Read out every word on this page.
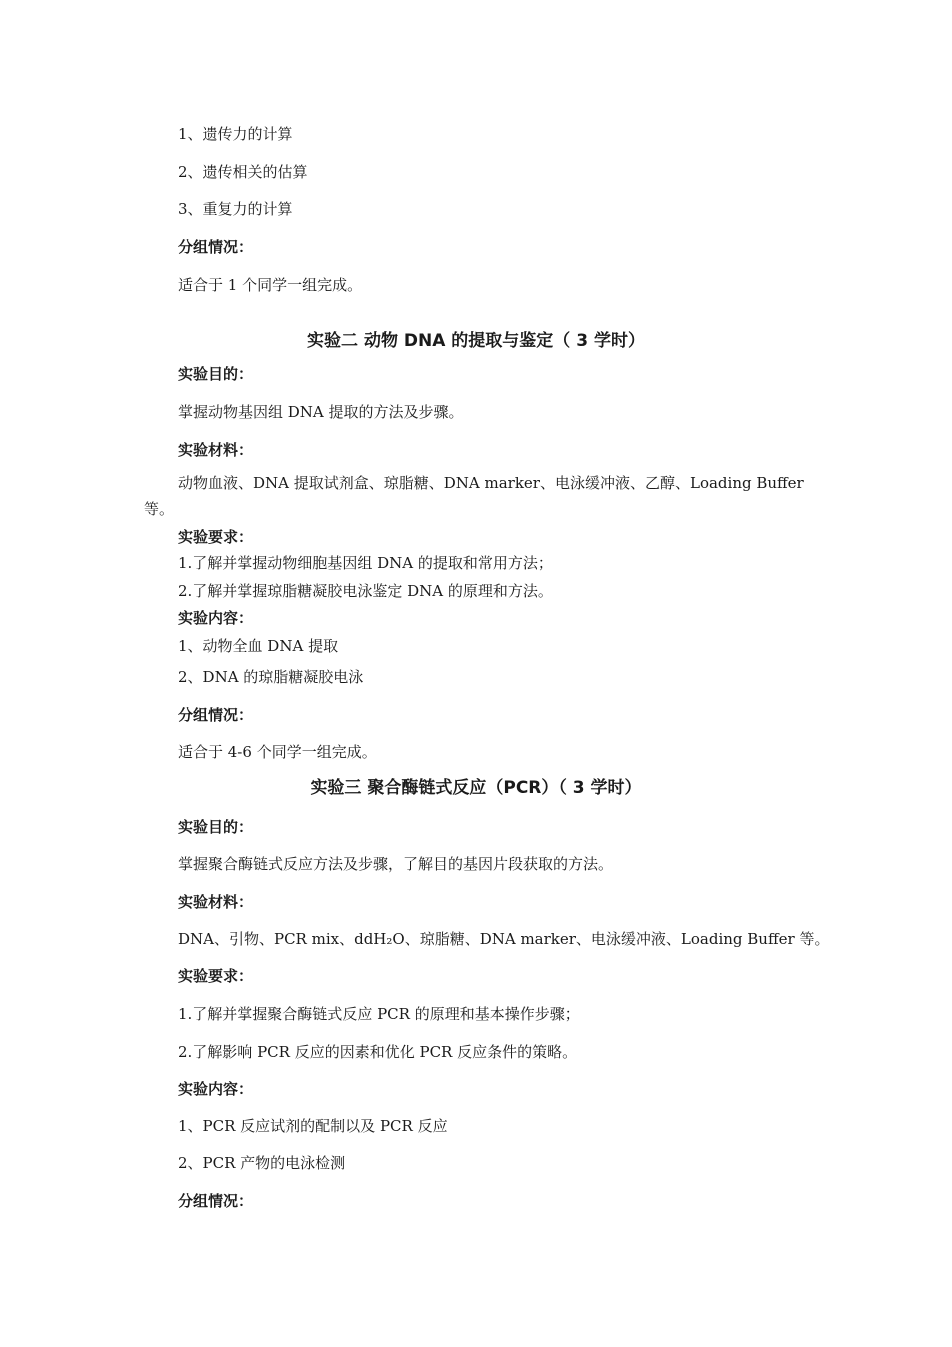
1、遗传力的计算
2、遗传相关的估算
3、重复力的计算
分组情况：
适合于 1 个同学一组完成。
实验二 动物 DNA 的提取与鉴定（ 3 学时）
实验目的：
掌握动物基因组 DNA 提取的方法及步骤。
实验材料：
动物血液、DNA 提取试剂盒、琼脂糖、DNA marker、电泳缓冲液、乙醇、Loading Buffer
等。
实验要求：
1.了解并掌握动物细胞基因组 DNA 的提取和常用方法；
2.了解并掌握琼脂糖凝胶电泳鉴定 DNA 的原理和方法。
实验内容：
1、动物全血 DNA 提取
2、DNA 的琼脂糖凝胶电泳
分组情况：
适合于 4-6 个同学一组完成。
实验三 聚合酶链式反应（PCR）（ 3 学时）
实验目的：
掌握聚合酶链式反应方法及步骤，了解目的基因片段获取的方法。
实验材料：
DNA、引物、PCR mix、ddH₂O、琼脂糖、DNA marker、电泳缓冲液、Loading Buffer 等。
实验要求：
1.了解并掌握聚合酶链式反应 PCR 的原理和基本操作步骤；
2.了解影响 PCR 反应的因素和优化 PCR 反应条件的策略。
实验内容：
1、PCR 反应试剂的配制以及 PCR 反应
2、PCR 产物的电泳检测
分组情况：
